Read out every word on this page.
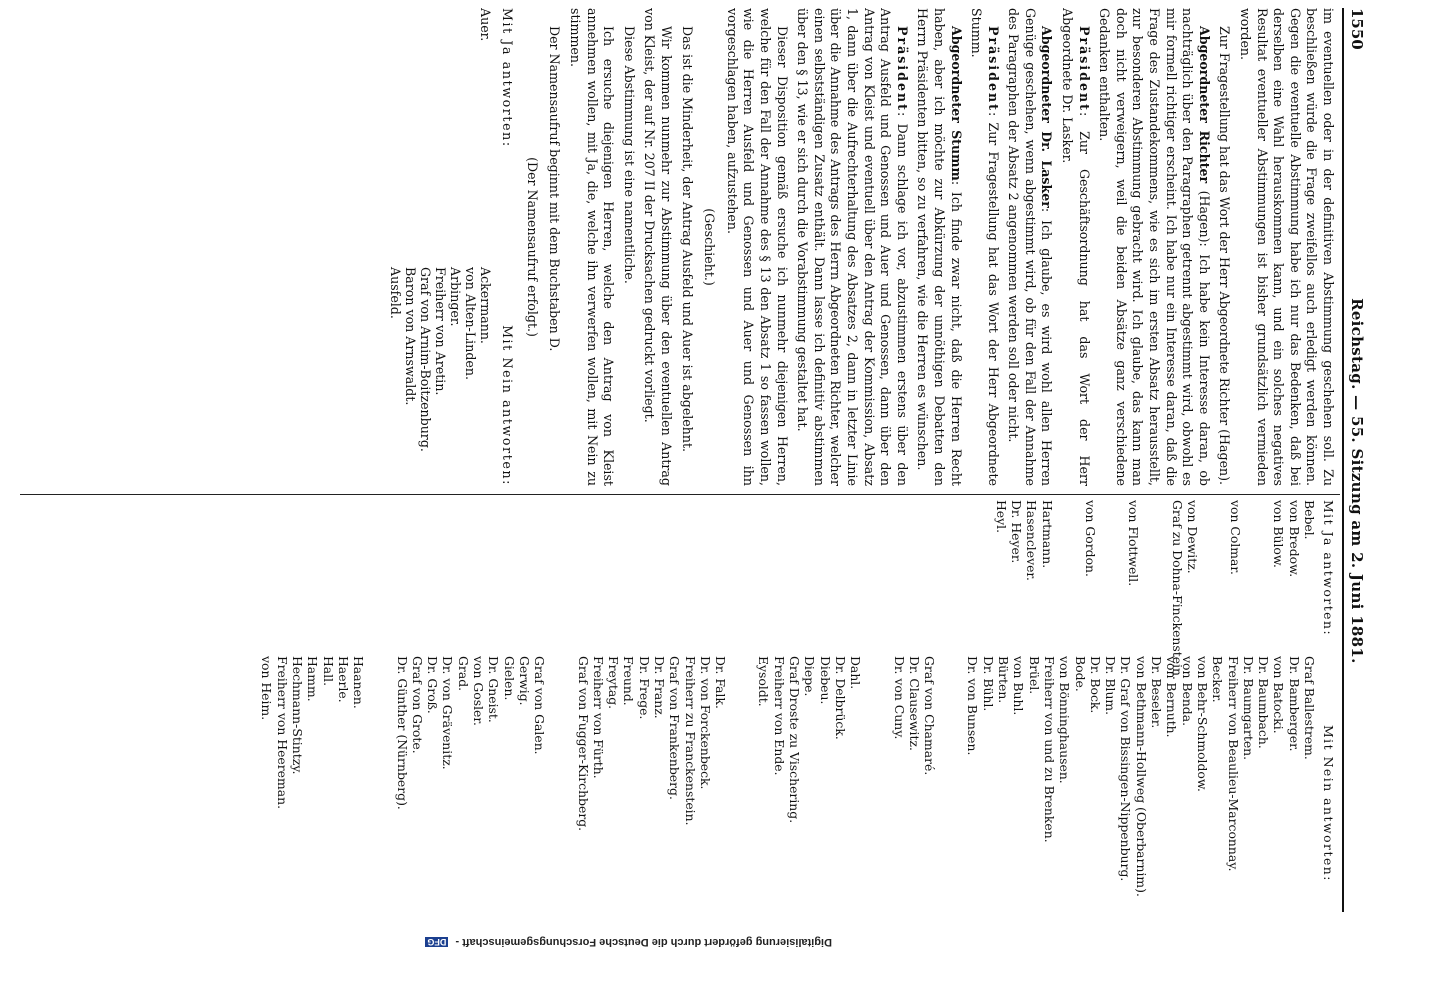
1550
Reichstag. — 55. Sitzung am 2. Juni 1881.

im eventuellen oder in der definitiven Abstimmung geschehen soll. Zu beschließen würde die Frage zweifellos auch erledigt werden können. Gegen die eventuelle Abstimmung habe ich nur das Bedenken, daß bei derselben eine Wahl herauskommen kann, und ein solches negatives Resultat eventueller Abstimmungen ist bisher grundsätzlich vermieden worden.

Zur Fragestellung hat das Wort der Herr Abgeordnete Richter (Hagen).

Abgeordneter Richter (Hagen): Ich habe kein Interesse daran, ob nachträglich über den Paragraphen getrennt abgestimmt wird, obwohl es mir formell richtiger erscheint. Ich habe nur ein Interesse daran, daß die Frage des Zustandekommens, wie es sich im ersten Absatz herausstellt, zur besonderen Abstimmung gebracht wird. Ich glaube, das kann man doch nicht verweigern, weil die beiden Absätze ganz verschiedene Gedanken enthalten.

Präsident: Zur Geschäftsordnung hat das Wort der Herr Abgeordnete Dr. Lasker.

Abgeordneter Dr. Lasker: Ich glaube, es wird wohl allen Herren Genüge geschehen, wenn abgestimmt wird, ob für den Fall der Annahme des Paragraphen der Absatz 2 angenommen werden soll oder nicht.

Präsident: Zur Fragestellung hat das Wort der Herr Abgeordnete Stumm.

Abgeordneter Stumm: Ich finde zwar nicht, daß die Herren Recht haben, aber ich möchte zur Abkürzung der unnöthigen Debatten den Herrn Präsidenten bitten, so zu verfahren, wie die Herren es wünschen.

Präsident: Dann schlage ich vor, abzustimmen erstens über den Antrag Ausfeld und Genossen und Auer und Genossen, dann über den Antrag von Kleist und eventuell über den Antrag der Kommission, Absatz 1, dann über die Aufrechterhaltung des Absatzes 2, dann in letzter Linie über die Annahme des Antrags des Herrn Abgeordneten Richter, welcher einen selbstständigen Zusatz enthält. Dann lasse ich definitiv abstimmen über den § 13, wie er sich durch die Vorabstimmung gestaltet hat.

Dieser Disposition gemäß ersuche ich nunmehr diejenigen Herren, welche für den Fall der Annahme des § 13 den Absatz 1 so fassen wollen, wie die Herren Ausfeld und Genossen und Auer und Genossen ihn vorgeschlagen haben, aufzustehen.

(Geschieht.)

Das ist die Minderheit, der Antrag Ausfeld und Auer ist abgelehnt.

Wir kommen nunmehr zur Abstimmung über den eventuellen Antrag von Kleist, der auf Nr. 207 II der Drucksachen gedruckt vorliegt.

Diese Abstimmung ist eine namentliche.

Ich ersuche diejenigen Herren, welche den Antrag von Kleist annehmen wollen, mit Ja, die, welche ihn verwerfen wollen, mit Nein zu stimmen.

Der Namensaufruf beginnt mit dem Buchstaben D.

(Der Namensaufruf erfolgt.)

Mit Ja antworten:
Mit Nein antworten:
Auer.
Ackermann.
von Alten-Linden.
Arbinger.
Freiherr von Aretin.
Graf von Arnim-Boitzenburg.
Baron von Arnswaldt.
Ausfeld.
Mit Ja antworten:
Mit Nein antworten:
Bebel.
von Bredow.
von Bülow.
von Colmar.
von Dewitz.
Graf zu Dohna-Finckenstein.
von Flottwell.
von Gordon.
Hartmann.
Hasenclever.
Dr. Heyer.
Heyl.
Graf Ballestrem.
Dr. Bamberger.
von Batocki.
Dr. Baumbach.
Dr. Baumgarten.
Freiherr von Beaulieu-Marconnay.
Becker.
von Behr-Schmoldow.
von Benda.
von Bernuth.
Dr. Beseler.
von Bethmann-Hollweg (Oberbarnim).
Dr. Graf von Bissingen-Nippenburg.
Dr. Blum.
Dr. Bock.
Bode.
von Bönninghausen.
Freiherr von und zu Brenken.
Brüel.
von Buhl.
Bürten.
Dr. Bühl.
Dr. von Bunsen.
Graf von Chamaré.
Dr. Clausewitz.
Dr. von Cuny.
Dahl.
Dr. Delbrück.
Diebeu.
Diepe.
Graf Droste zu Vischering.
Freiherr von Ende.
Eysoldt.
Dr. Falk.
Dr. von Forckenbeck.
Freiherr zu Franckenstein.
Graf von Frankenberg.
Dr. Franz.
Dr. Frege.
Freund.
Freytag.
Freiherr von Fürth.
Graf von Fugger-Kirchberg.
Graf von Galen.
Gerwig.
Gielen.
Dr. Gneist.
von Gosler.
Grad.
Dr. von Grävenitz.
Dr. Groß.
Graf von Grote.
Dr. Günther (Nürnberg).
Haanen.
Haerle.
Hall.
Hamm.
Hechmann-Stintzy.
Freiherr von Heereman.
von Heim.
Digitalisierung gefördert durch die Deutsche Forschungsgemeinschaft - DFG
